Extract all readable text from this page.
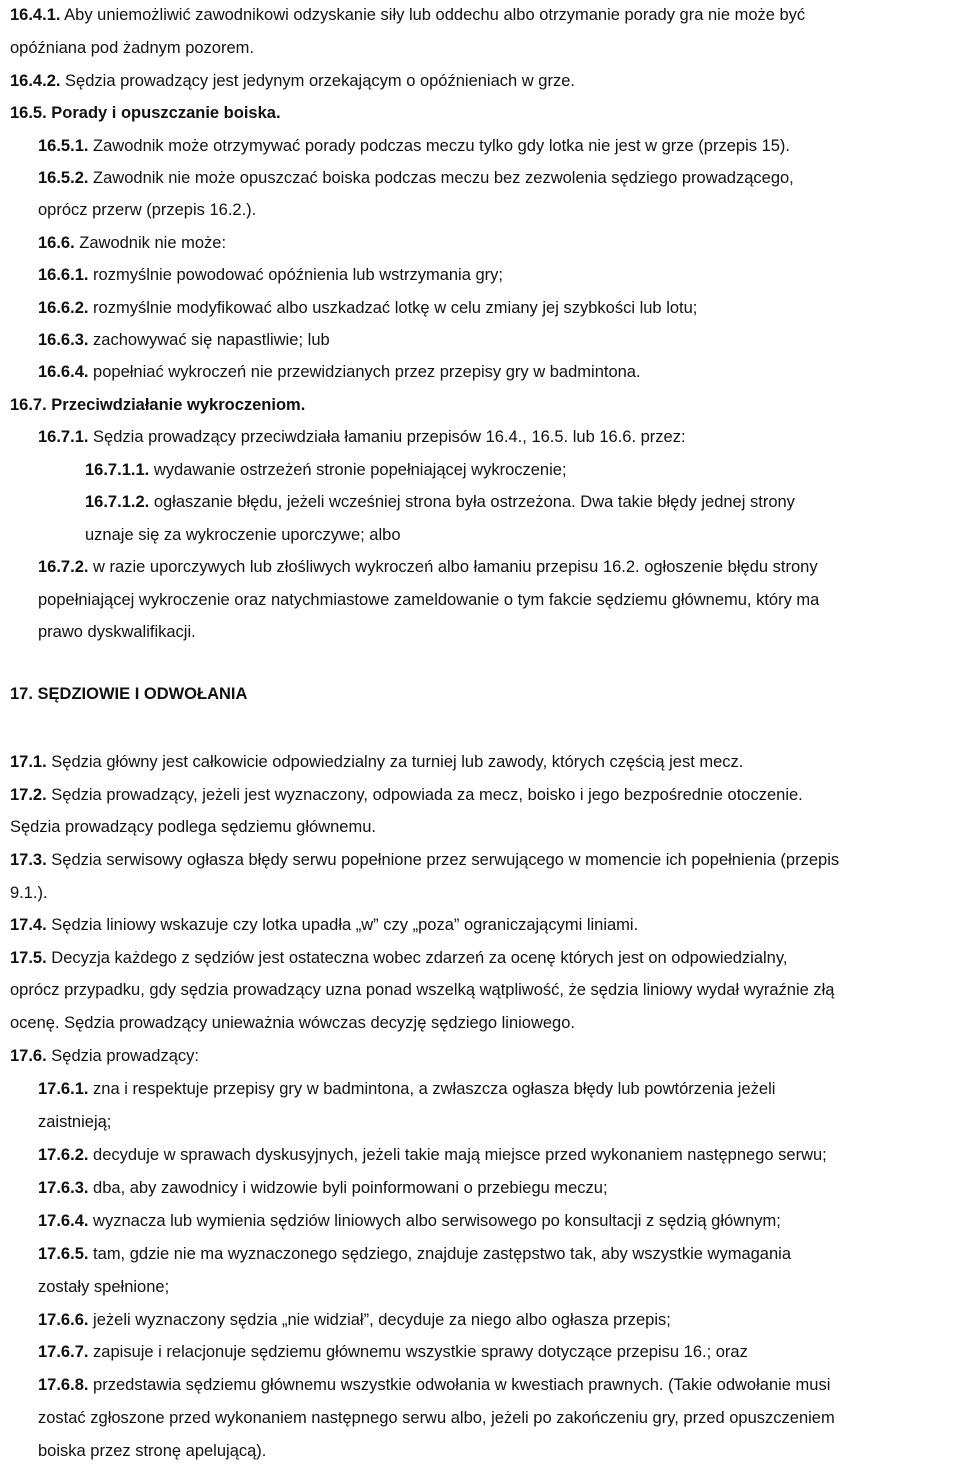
16.4.1. Aby uniemożliwić zawodnikowi odzyskanie siły lub oddechu albo otrzymanie porady gra nie może być
opóźniana pod żadnym pozorem.
16.4.2. Sędzia prowadzący jest jedynym orzekającym o opóźnieniach w grze.
16.5. Porady i opuszczanie boiska.
16.5.1. Zawodnik może otrzymywać porady podczas meczu tylko gdy lotka nie jest w grze (przepis 15).
16.5.2. Zawodnik nie może opuszczać boiska podczas meczu bez zezwolenia sędziego prowadzącego,
oprócz przerw (przepis 16.2.).
16.6. Zawodnik nie może:
16.6.1. rozmyślnie powodować opóźnienia lub wstrzymania gry;
16.6.2. rozmyślnie modyfikować albo uszkadzać lotkę w celu zmiany jej szybkości lub lotu;
16.6.3. zachowywać się napastliwie; lub
16.6.4. popełniać wykroczeń nie przewidzianych przez przepisy gry w badmintona.
16.7. Przeciwdziałanie wykroczeniom.
16.7.1. Sędzia prowadzący przeciwdziała łamaniu przepisów 16.4., 16.5. lub 16.6. przez:
16.7.1.1. wydawanie ostrzeżeń stronie popełniającej wykroczenie;
16.7.1.2. ogłaszanie błędu, jeżeli wcześniej strona była ostrzeżona. Dwa takie błędy jednej strony
uznaje się za wykroczenie uporczywe; albo
16.7.2. w razie uporczywych lub złośliwych wykroczeń albo łamaniu przepisu 16.2. ogłoszenie błędu strony
popełniającej wykroczenie oraz natychmiastowe zameldowanie o tym fakcie sędziemu głównemu, który ma
prawo dyskwalifikacji.
17. SĘDZIOWIE I ODWOŁANIA
17.1. Sędzia główny jest całkowicie odpowiedzialny za turniej lub zawody, których częścią jest mecz.
17.2. Sędzia prowadzący, jeżeli jest wyznaczony, odpowiada za mecz, boisko i jego bezpośrednie otoczenie.
Sędzia prowadzący podlega sędziemu głównemu.
17.3. Sędzia serwisowy ogłasza błędy serwu popełnione przez serwującego w momencie ich popełnienia (przepis
9.1.).
17.4. Sędzia liniowy wskazuje czy lotka upadła „w” czy „poza” ograniczającymi liniami.
17.5. Decyzja każdego z sędziów jest ostateczna wobec zdarzeń za ocenę których jest on odpowiedzialny,
oprócz przypadku, gdy sędzia prowadzący uzna ponad wszelką wątpliwość, że sędzia liniowy wydał wyraźnie złą
ocenę. Sędzia prowadzący unieważnia wówczas decyzję sędziego liniowego.
17.6. Sędzia prowadzący:
17.6.1. zna i respektuje przepisy gry w badmintona, a zwłaszcza ogłasza błędy lub powtórzenia jeżeli
zaistnieją;
17.6.2. decyduje w sprawach dyskusyjnych, jeżeli takie mają miejsce przed wykonaniem następnego serwu;
17.6.3. dba, aby zawodnicy i widzowie byli poinformowani o przebiegu meczu;
17.6.4. wyznacza lub wymienia sędziów liniowych albo serwisowego po konsultacji z sędzią głównym;
17.6.5. tam, gdzie nie ma wyznaczonego sędziego, znajduje zastępstwo tak, aby wszystkie wymagania
zostały spełnione;
17.6.6. jeżeli wyznaczony sędzia „nie widział”, decyduje za niego albo ogłasza przepis;
17.6.7. zapisuje i relacjonuje sędziemu głównemu wszystkie sprawy dotyczące przepisu 16.; oraz
17.6.8. przedstawia sędziemu głównemu wszystkie odwołania w kwestiach prawnych. (Takie odwołanie musi
zostać zgłoszone przed wykonaniem następnego serwu albo, jeżeli po zakończeniu gry, przed opuszczeniem
boiska przez stronę apelującą).
